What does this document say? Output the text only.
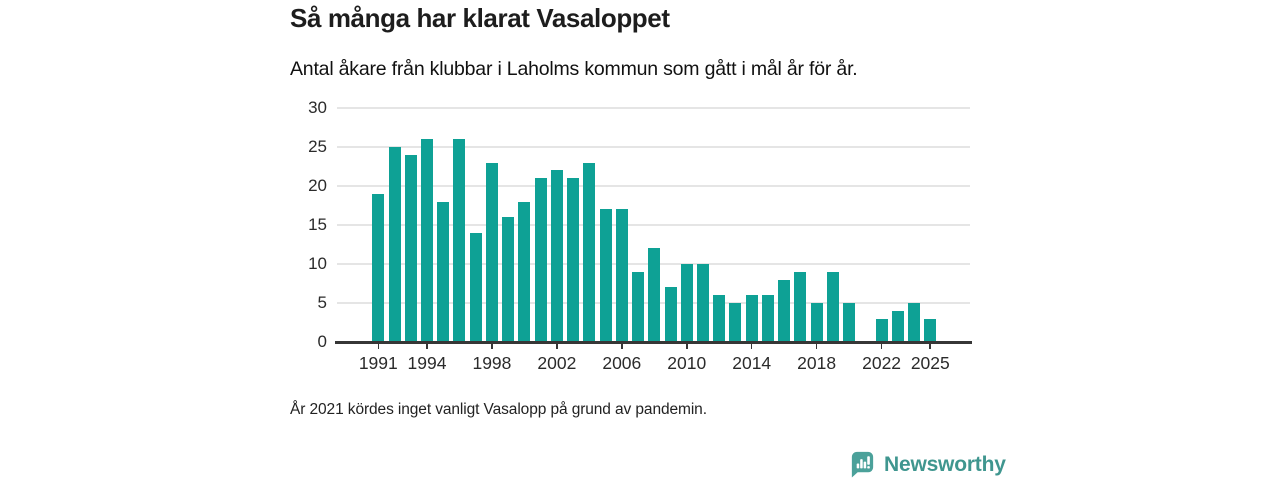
Så många har klarat Vasaloppet

Antal åkare från klubbar i Laholms kommun som gått i mål år för år.

0
5
10
15
20
25
30
1991 1994 1998 2002 2006 2010 2014 2018 2022 2025

År 2021 kördes inget vanligt Vasalopp på grund av pandemin.

Newsworthy
